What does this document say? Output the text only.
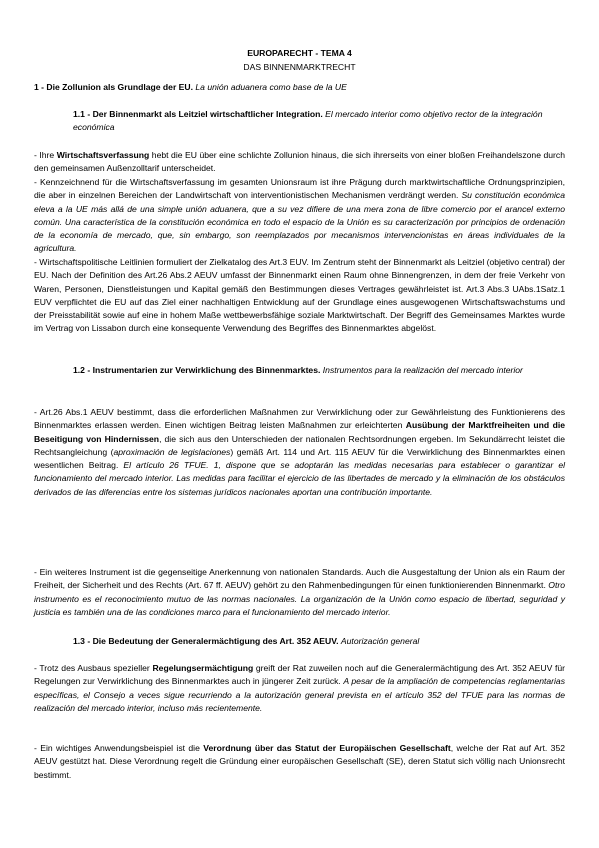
EUROPARECHT - TEMA 4
DAS BINNENMARKTRECHT
1 - Die Zollunion als Grundlage der EU. La unión aduanera como base de la UE
1.1 - Der Binnenmarkt als Leitziel wirtschaftlicher Integration. El mercado interior como objetivo rector de la integración económica
- Ihre Wirtschaftsverfassung hebt die EU über eine schlichte Zollunion hinaus, die sich ihrerseits von einer bloßen Freihandelszone durch den gemeinsamen Außenzolltarif unterscheidet.
- Kennzeichnend für die Wirtschaftsverfassung im gesamten Unionsraum ist ihre Prägung durch marktwirtschaftliche Ordnungsprinzipien, die aber in einzelnen Bereichen der Landwirtschaft von interventionistischen Mechanismen verdrängt werden. Su constitución económica eleva a la UE más allá de una simple unión aduanera, que a su vez difiere de una mera zona de libre comercio por el arancel externo común. Una característica de la constitución económica en todo el espacio de la Unión es su caracterización por principios de ordenación de la economía de mercado, que, sin embargo, son reemplazados por mecanismos intervencionistas en áreas individuales de la agricultura.
- Wirtschaftspolitische Leitlinien formuliert der Zielkatalog des Art.3 EUV. Im Zentrum steht der Binnenmarkt als Leitziel (objetivo central) der EU. Nach der Definition des Art.26 Abs.2 AEUV umfasst der Binnenmarkt einen Raum ohne Binnengrenzen, in dem der freie Verkehr von Waren, Personen, Dienstleistungen und Kapital gemäß den Bestimmungen dieses Vertrages gewährleistet ist. Art.3 Abs.3 UAbs.1Satz.1 EUV verpflichtet die EU auf das Ziel einer nachhaltigen Entwicklung auf der Grundlage eines ausgewogenen Wirtschaftswachstums und der Preisstabilität sowie auf eine in hohem Maße wettbewerbsfähige soziale Marktwirtschaft. Der Begriff des Gemeinsames Marktes wurde im Vertrag von Lissabon durch eine konsequente Verwendung des Begriffes des Binnenmarktes abgelöst.
1.2 - Instrumentarien zur Verwirklichung des Binnenmarktes. Instrumentos para la realización del mercado interior
- Art.26 Abs.1 AEUV bestimmt, dass die erforderlichen Maßnahmen zur Verwirklichung oder zur Gewährleistung des Funktionierens des Binnenmarktes erlassen werden. Einen wichtigen Beitrag leisten Maßnahmen zur erleichterten Ausübung der Marktfreiheiten und die Beseitigung von Hindernissen, die sich aus den Unterschieden der nationalen Rechtsordnungen ergeben. Im Sekundärrecht leistet die Rechtsangleichung (aproximación de legislaciones) gemäß Art. 114 und Art. 115 AEUV für die Verwirklichung des Binnenmarktes einen wesentlichen Beitrag. El artículo 26 TFUE. 1, dispone que se adoptarán las medidas necesarias para establecer o garantizar el funcionamiento del mercado interior. Las medidas para facilitar el ejercicio de las libertades de mercado y la eliminación de los obstáculos derivados de las diferencias entre los sistemas jurídicos nacionales aportan una contribución importante.
- Ein weiteres Instrument ist die gegenseitige Anerkennung von nationalen Standards. Auch die Ausgestaltung der Union als ein Raum der Freiheit, der Sicherheit und des Rechts (Art. 67 ff. AEUV) gehört zu den Rahmenbedingungen für einen funktionierenden Binnenmarkt. Otro instrumento es el reconocimiento mutuo de las normas nacionales. La organización de la Unión como espacio de libertad, seguridad y justicia es también una de las condiciones marco para el funcionamiento del mercado interior.
1.3 - Die Bedeutung der Generalermächtigung des Art. 352 AEUV. Autorización general
- Trotz des Ausbaus spezieller Regelungsermächtigung greift der Rat zuweilen noch auf die Generalermächtigung des Art. 352 AEUV für Regelungen zur Verwirklichung des Binnenmarktes auch in jüngerer Zeit zurück. A pesar de la ampliación de competencias reglamentarias específicas, el Consejo a veces sigue recurriendo a la autorización general prevista en el artículo 352 del TFUE para las normas de realización del mercado interior, incluso más recientemente.
- Ein wichtiges Anwendungsbeispiel ist die Verordnung über das Statut der Europäischen Gesellschaft, welche der Rat auf Art. 352 AEUV gestützt hat. Diese Verordnung regelt die Gründung einer europäischen Gesellschaft (SE), deren Statut sich völlig nach Unionsrecht bestimmt.
